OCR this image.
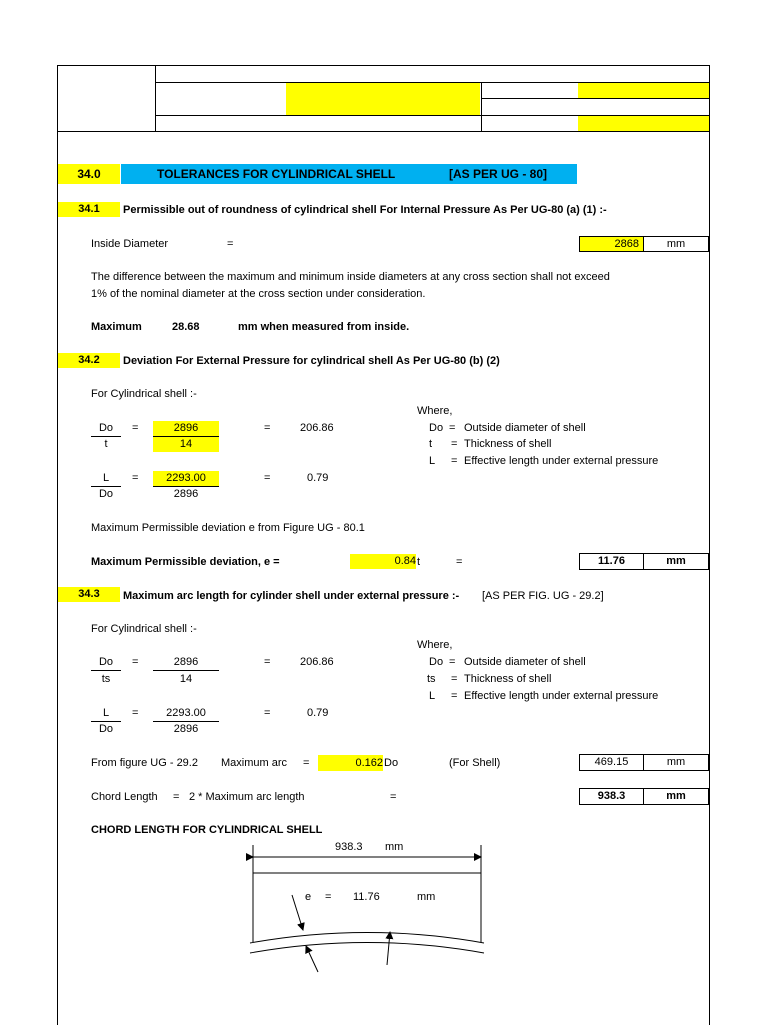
34.0	TOLERANCES FOR CYLINDRICAL SHELL	[AS PER UG - 80]
34.1	Permissible out of roundness of cylindrical shell For Internal Pressure As Per UG-80 (a) (1) :-
Inside Diameter	=	2868	mm
The difference between the maximum and minimum inside diameters at any cross section shall not exceed
1% of the nominal diameter at the cross section under consideration.
Maximum	28.68	mm when measured from inside.
34.2	Deviation For External Pressure for cylindrical shell As Per UG-80 (b) (2)
For Cylindrical shell :-
Where,
Do
t
=	2896
14
=	206.86	Do = Outside diameter of shell
t = Thickness of shell
L = Effective length under external pressure
L
Do
=	2293.00
2896
=	0.79
Maximum Permissible deviation e from Figure UG - 80.1
Maximum Permissible deviation, e =	0.84 t	=	11.76	mm
34.3	Maximum arc length for cylinder shell under external pressure :- [AS PER FIG. UG - 29.2]
For Cylindrical shell :-
Where,
Do
ts
=	2896
14
=	206.86	Do = Outside diameter of shell
ts = Thickness of shell
L = Effective length under external pressure
L
Do
=	2293.00
2896
=	0.79
From figure UG - 29.2 Maximum arc =	0.162 Do	(For Shell)	469.15	mm
Chord Length = 2 * Maximum arc length	=	938.3	mm
CHORD LENGTH FOR CYLINDRICAL SHELL
938.3 mm
e = 11.76	mm
